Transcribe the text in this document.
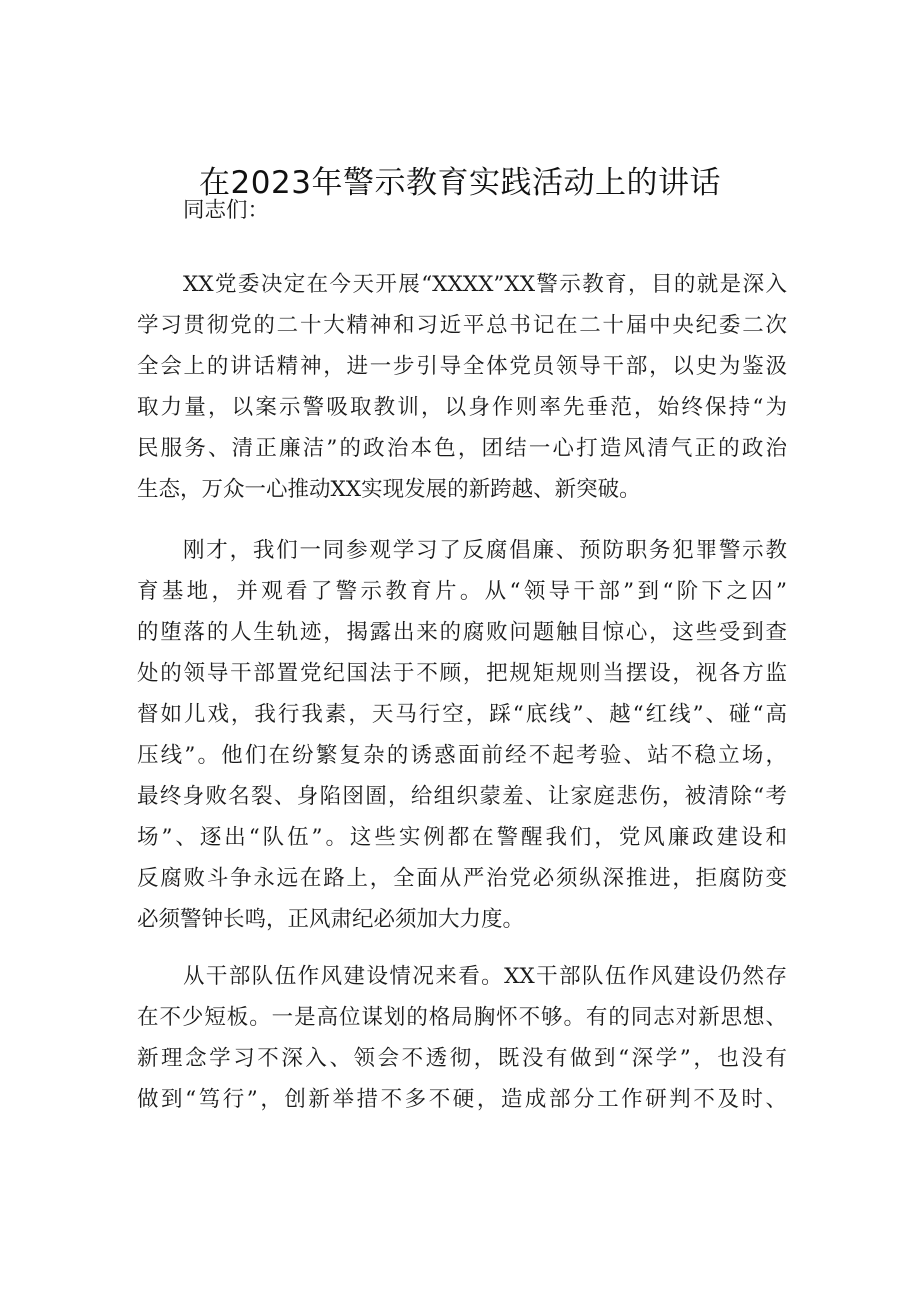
在2023年警示教育实践活动上的讲话
同志们：
XX党委决定在今天开展“XXXX”XX警示教育，目的就是深入
学习贯彻党的二十大精神和习近平总书记在二十届中央纪委二次
全会上的讲话精神，进一步引导全体党员领导干部，以史为鉴汲
取力量，以案示警吸取教训，以身作则率先垂范，始终保持“为
民服务、清正廉洁”的政治本色，团结一心打造风清气正的政治
生态，万众一心推动XX实现发展的新跨越、新突破。
刚才，我们一同参观学习了反腐倡廉、预防职务犯罪警示教
育基地，并观看了警示教育片。从“领导干部”到“阶下之囚”
的堕落的人生轨迹，揭露出来的腐败问题触目惊心，这些受到查
处的领导干部置党纪国法于不顾，把规矩规则当摆设，视各方监
督如儿戏，我行我素，天马行空，踩“底线”、越“红线”、碰“高
压线”。他们在纷繁复杂的诱惑面前经不起考验、站不稳立场，
最终身败名裂、身陷囹圄，给组织蒙羞、让家庭悲伤，被清除“考
场”、逐出“队伍”。这些实例都在警醒我们，党风廉政建设和
反腐败斗争永远在路上，全面从严治党必须纵深推进，拒腐防变
必须警钟长鸣，正风肃纪必须加大力度。
从干部队伍作风建设情况来看。XX干部队伍作风建设仍然存
在不少短板。一是高位谋划的格局胸怀不够。有的同志对新思想、
新理念学习不深入、领会不透彻，既没有做到“深学”，也没有
做到“笃行”，创新举措不多不硬，造成部分工作研判不及时、
